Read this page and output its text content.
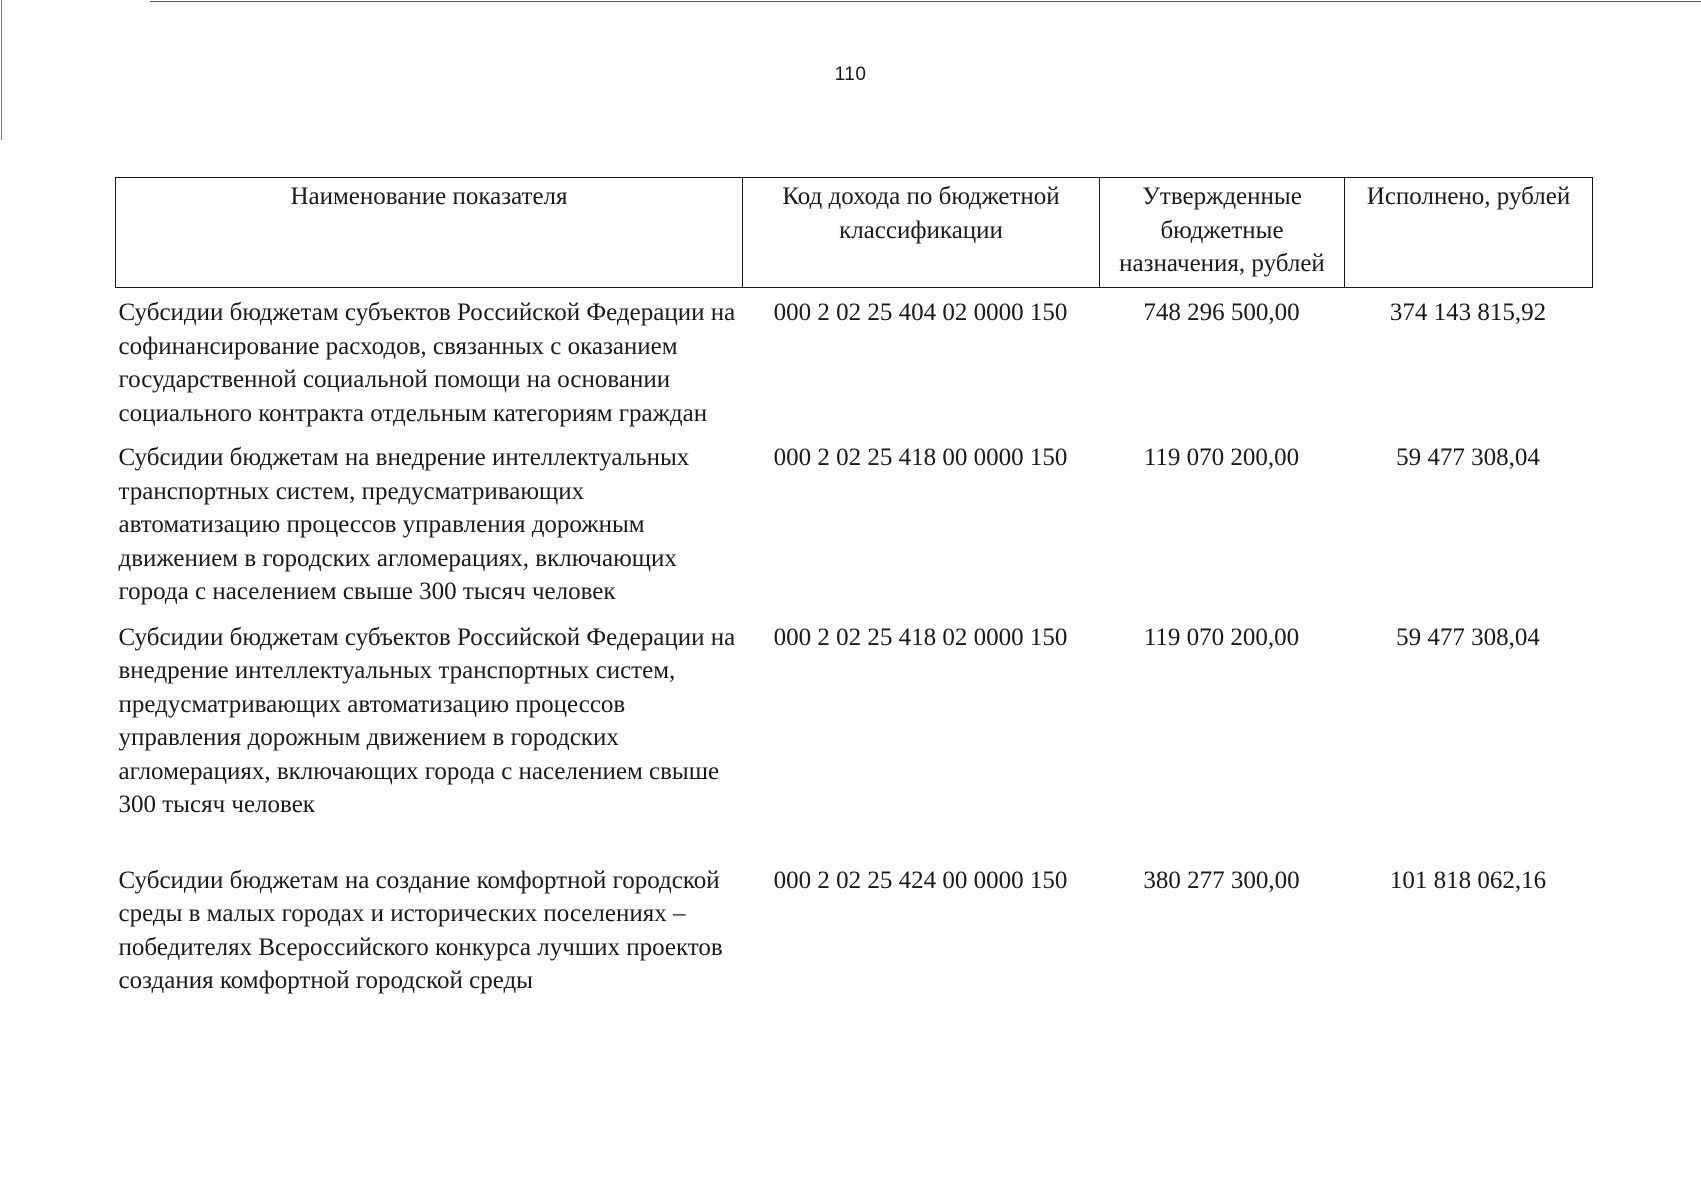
110
Наименование показателя	Код дохода по бюджетной классификации	Утвержденные бюджетные назначения, рублей	Исполнено, рублей
Субсидии бюджетам субъектов Российской Федерации на софинансирование расходов, связанных с оказанием государственной социальной помощи на основании социального контракта отдельным категориям граждан	000 2 02 25 404 02 0000 150	748 296 500,00	374 143 815,92
Субсидии бюджетам на внедрение интеллектуальных транспортных систем, предусматривающих автоматизацию процессов управления дорожным движением в городских агломерациях, включающих города с населением свыше 300 тысяч человек	000 2 02 25 418 00 0000 150	119 070 200,00	59 477 308,04
Субсидии бюджетам субъектов Российской Федерации на внедрение интеллектуальных транспортных систем, предусматривающих автоматизацию процессов управления дорожным движением в городских агломерациях, включающих города с населением свыше 300 тысяч человек	000 2 02 25 418 02 0000 150	119 070 200,00	59 477 308,04
Субсидии бюджетам на создание комфортной городской среды в малых городах и исторических поселениях – победителях Всероссийского конкурса лучших проектов создания комфортной городской среды	000 2 02 25 424 00 0000 150	380 277 300,00	101 818 062,16
